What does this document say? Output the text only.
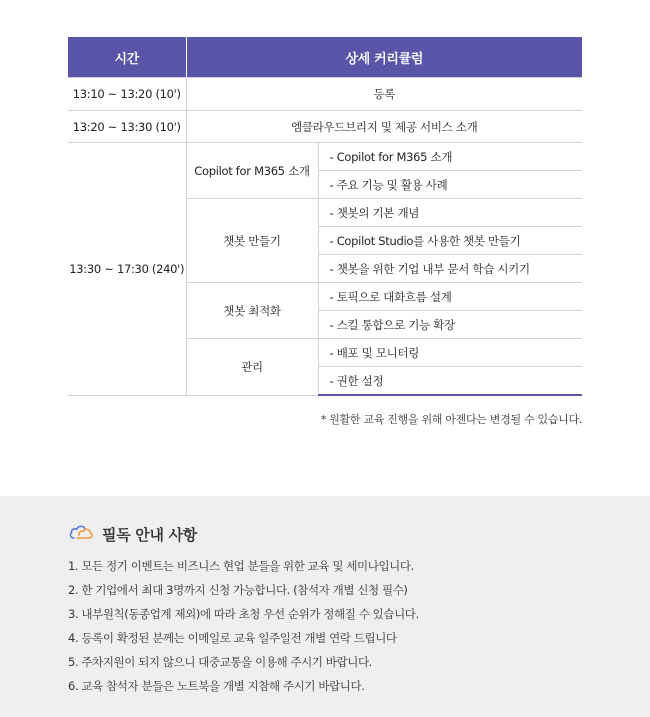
시간	상세 커리큘럼	
13:10 ~ 13:20 (10')	등록	
13:20 ~ 13:30 (10')	엠클라우드브리지 및 제공 서비스 소개	
13:30 ~ 17:30 (240')	Copilot for M365 소개	- Copilot for M365 소개
		- 주요 기능 및 활용 사례
	챗봇 만들기	- 챗봇의 기본 개념
		- Copilot Studio를 사용한 챗봇 만들기
		- 챗봇을 위한 기업 내부 문서 학습 시키기
	챗봇 최적화	- 토픽으로 대화흐름 설계
		- 스킬 통합으로 기능 확장
	관리	- 배포 및 모니터링
		- 권한 설정
* 원활한 교육 진행을 위해 아젠다는 변경될 수 있습니다.
필독 안내 사항
1. 모든 정기 이벤트는 비즈니스 현업 분들을 위한 교육 및 세미나입니다.
2. 한 기업에서 최대 3명까지 신청 가능합니다. (참석자 개별 신청 필수)
3. 내부원칙(동종업계 제외)에 따라 초청 우선 순위가 정해질 수 있습니다.
4. 등록이 확정된 분께는 이메일로 교육 일주일전 개별 연락 드립니다
5. 주차지원이 되지 않으니 대중교통을 이용해 주시기 바랍니다.
6. 교육 참석자 분들은 노트북을 개별 지참해 주시기 바랍니다.
